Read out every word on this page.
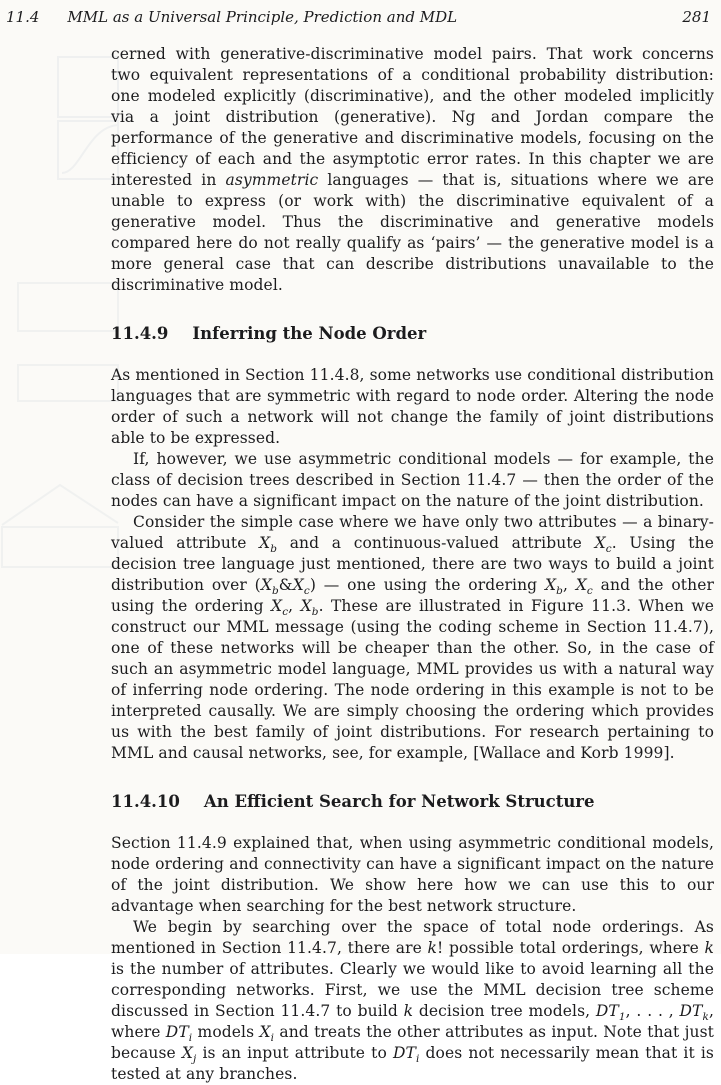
11.4 MML as a Universal Principle, Prediction and MDL	281

cerned with generative-discriminative model pairs. That work concerns two equivalent representations of a conditional probability distribution: one modeled explicitly (discriminative), and the other modeled implicitly via a joint distribution (generative). Ng and Jordan compare the performance of the generative and discriminative models, focusing on the efficiency of each and the asymptotic error rates. In this chapter we are interested in asymmetric languages — that is, situations where we are unable to express (or work with) the discriminative equivalent of a generative model. Thus the discriminative and generative models compared here do not really qualify as ‘pairs’ — the generative model is a more general case that can describe distributions unavailable to the discriminative model.

11.4.9 Inferring the Node Order

As mentioned in Section 11.4.8, some networks use conditional distribution languages that are symmetric with regard to node order. Altering the node order of such a network will not change the family of joint distributions able to be expressed.

If, however, we use asymmetric conditional models — for example, the class of decision trees described in Section 11.4.7 — then the order of the nodes can have a significant impact on the nature of the joint distribution.

Consider the simple case where we have only two attributes — a binary-valued attribute $X_b$ and a continuous-valued attribute $X_c$. Using the decision tree language just mentioned, there are two ways to build a joint distribution over $(X_b\&X_c)$ — one using the ordering $X_b$, $X_c$ and the other using the ordering $X_c$, $X_b$. These are illustrated in Figure 11.3. When we construct our MML message (using the coding scheme in Section 11.4.7), one of these networks will be cheaper than the other. So, in the case of such an asymmetric model language, MML provides us with a natural way of inferring node ordering. The node ordering in this example is not to be interpreted causally. We are simply choosing the ordering which provides us with the best family of joint distributions. For research pertaining to MML and causal networks, see, for example, [Wallace and Korb 1999].

11.4.10 An Efficient Search for Network Structure

Section 11.4.9 explained that, when using asymmetric conditional models, node ordering and connectivity can have a significant impact on the nature of the joint distribution. We show here how we can use this to our advantage when searching for the best network structure.

We begin by searching over the space of total node orderings. As mentioned in Section 11.4.7, there are k! possible total orderings, where k is the number of attributes. Clearly we would like to avoid learning all the corresponding networks. First, we use the MML decision tree scheme discussed in Section 11.4.7 to build k decision tree models, $DT_1$, . . . , $DT_k$, where $DT_i$ models $X_i$ and treats the other attributes as input. Note that just because $X_j$ is an input attribute to $DT_i$ does not necessarily mean that it is tested at any branches.
